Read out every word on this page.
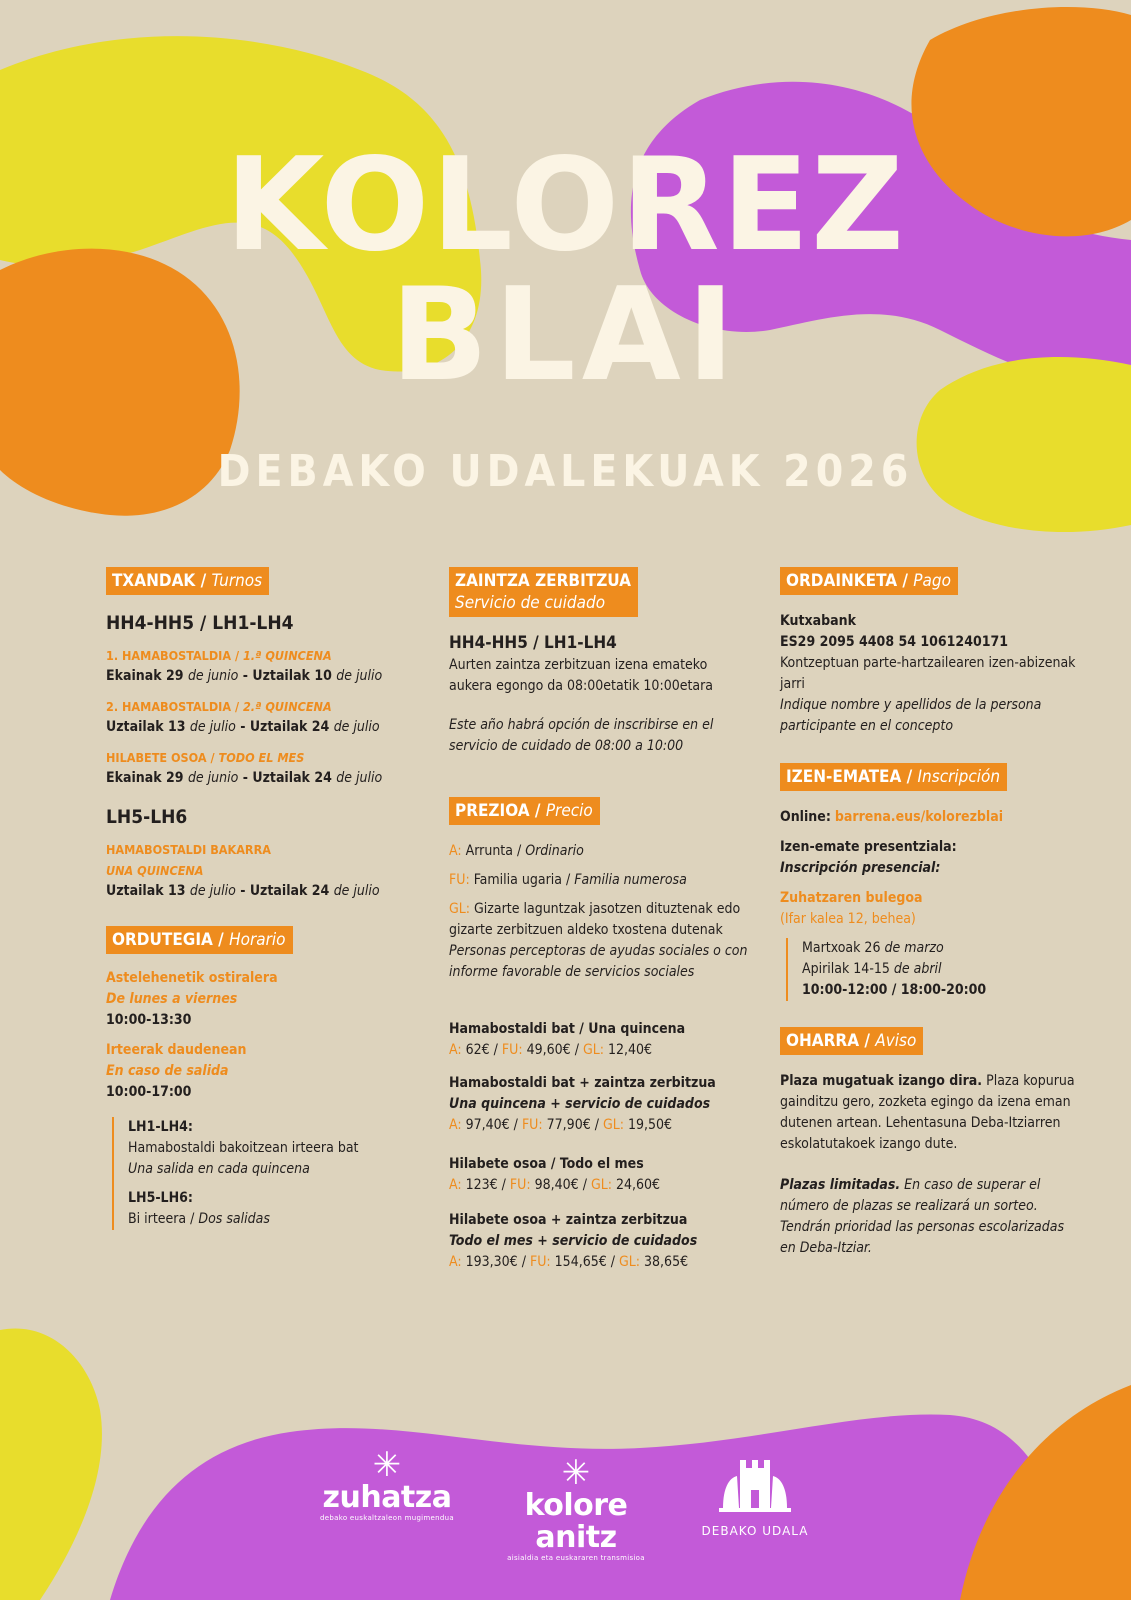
KOLOREZ
BLAI
DEBAKO UDALEKUAK 2026
TXANDAK / Turnos
HH4-HH5 / LH1-LH4
1. HAMABOSTALDIA / 1.ª QUINCENA
Ekainak 29 de junio - Uztailak 10 de julio
2. HAMABOSTALDIA / 2.ª QUINCENA
Uztailak 13 de julio - Uztailak 24 de julio
HILABETE OSOA / TODO EL MES
Ekainak 29 de junio - Uztailak 24 de julio
LH5-LH6
HAMABOSTALDI BAKARRA
UNA QUINCENA
Uztailak 13 de julio - Uztailak 24 de julio
ORDUTEGIA / Horario
Astelehenetik ostiralera
De lunes a viernes
10:00-13:30
Irteerak daudenean
En caso de salida
10:00-17:00
LH1-LH4:
Hamabostaldi bakoitzean irteera bat
Una salida en cada quincena
LH5-LH6:
Bi irteera / Dos salidas
ZAINTZA ZERBITZUA
Servicio de cuidado
HH4-HH5 / LH1-LH4
Aurten zaintza zerbitzuan izena emateko aukera egongo da 08:00etatik 10:00etara
Este año habrá opción de inscribirse en el servicio de cuidado de 08:00 a 10:00
PREZIOA / Precio
A: Arrunta / Ordinario
FU: Familia ugaria / Familia numerosa
GL: Gizarte laguntzak jasotzen dituztenak edo gizarte zerbitzuen aldeko txostena dutenak
Personas perceptoras de ayudas sociales o con informe favorable de servicios sociales
Hamabostaldi bat / Una quincena
A: 62€ / FU: 49,60€ / GL: 12,40€
Hamabostaldi bat + zaintza zerbitzua
Una quincena + servicio de cuidados
A: 97,40€ / FU: 77,90€ / GL: 19,50€
Hilabete osoa / Todo el mes
A: 123€ / FU: 98,40€ / GL: 24,60€
Hilabete osoa + zaintza zerbitzua
Todo el mes + servicio de cuidados
A: 193,30€ / FU: 154,65€ / GL: 38,65€
ORDAINKETA / Pago
Kutxabank
ES29 2095 4408 54 1061240171
Kontzeptuan parte-hartzailearen izen-abizenak jarri
Indique nombre y apellidos de la persona participante en el concepto
IZEN-EMATEA / Inscripción
Online: barrena.eus/kolorezblai
Izen-emate presentziala:
Inscripción presencial:
Zuhatzaren bulegoa
(Ifar kalea 12, behea)
Martxoak 26 de marzo
Apirilak 14-15 de abril
10:00-12:00 / 18:00-20:00
OHARRA / Aviso
Plaza mugatuak izango dira. Plaza kopurua gainditzu gero, zozketa egingo da izena eman dutenen artean. Lehentasuna Deba-Itziarren eskolatutakoek izango dute.
Plazas limitadas. En caso de superar el número de plazas se realizará un sorteo. Tendrán prioridad las personas escolarizadas en Deba-Itziar.
✳
zuhatza
debako euskaltzaleon mugimendua
✳
kolore anitz
aisialdia eta euskararen transmisioa
DEBAKO UDALA
